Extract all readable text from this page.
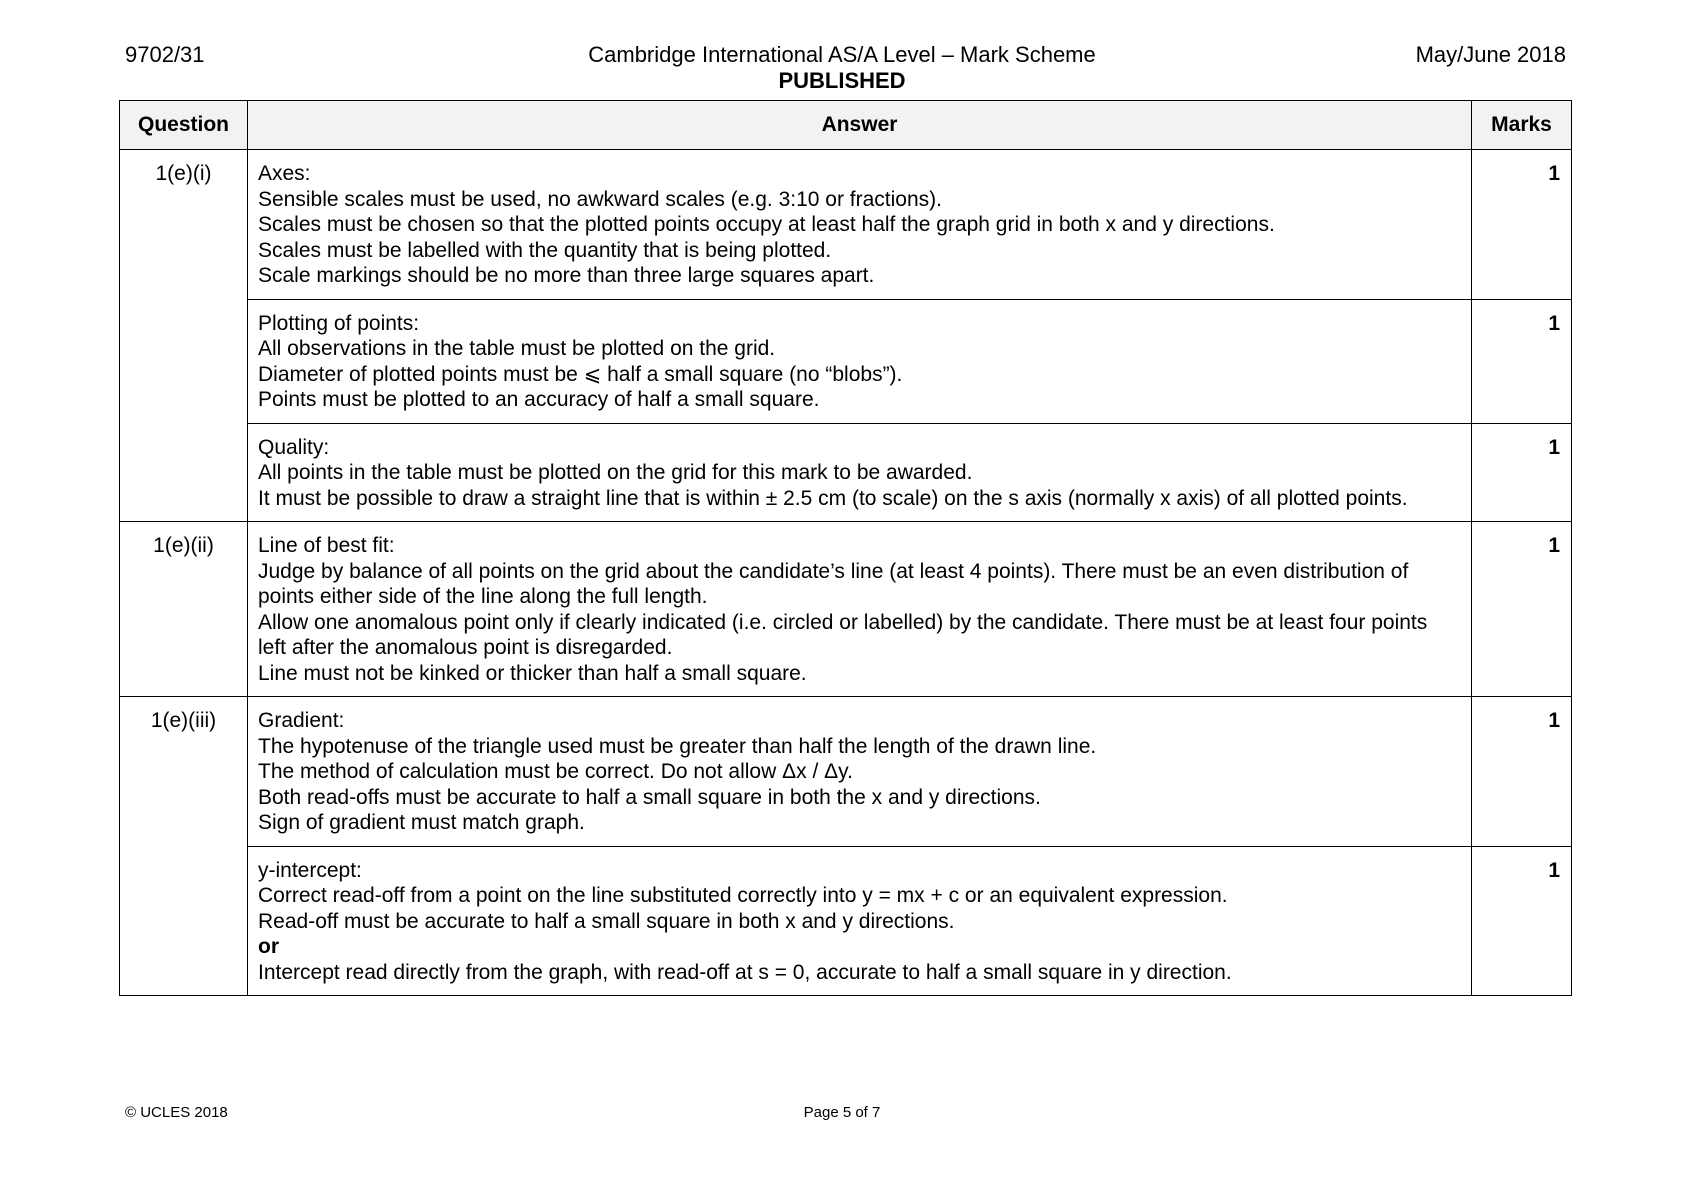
9702/31	Cambridge International AS/A Level – Mark Scheme
PUBLISHED
May/June 2018
Question	Answer	Marks
1(e)(i)	Axes:
Sensible scales must be used, no awkward scales (e.g. 3:10 or fractions).
Scales must be chosen so that the plotted points occupy at least half the graph grid in both x and y directions.
Scales must be labelled with the quantity that is being plotted.
Scale markings should be no more than three large squares apart.	1

	Plotting of points:
All observations in the table must be plotted on the grid.
Diameter of plotted points must be ⩽ half a small square (no “blobs”).
Points must be plotted to an accuracy of half a small square.	1

	Quality:
All points in the table must be plotted on the grid for this mark to be awarded.
It must be possible to draw a straight line that is within ± 2.5 cm (to scale) on the s axis (normally x axis) of all plotted points.	1
1(e)(ii)	Line of best fit:
Judge by balance of all points on the grid about the candidate’s line (at least 4 points). There must be an even distribution of points either side of the line along the full length.
Allow one anomalous point only if clearly indicated (i.e. circled or labelled) by the candidate. There must be at least four points left after the anomalous point is disregarded.
Line must not be kinked or thicker than half a small square.	1
1(e)(iii)	Gradient:
The hypotenuse of the triangle used must be greater than half the length of the drawn line.
The method of calculation must be correct. Do not allow Δx / Δy.
Both read-offs must be accurate to half a small square in both the x and y directions.
Sign of gradient must match graph.	1

	y-intercept:
Correct read-off from a point on the line substituted correctly into y = mx + c or an equivalent expression.
Read-off must be accurate to half a small square in both x and y directions.
or
Intercept read directly from the graph, with read-off at s = 0, accurate to half a small square in y direction.	1
© UCLES 2018	Page 5 of 7
